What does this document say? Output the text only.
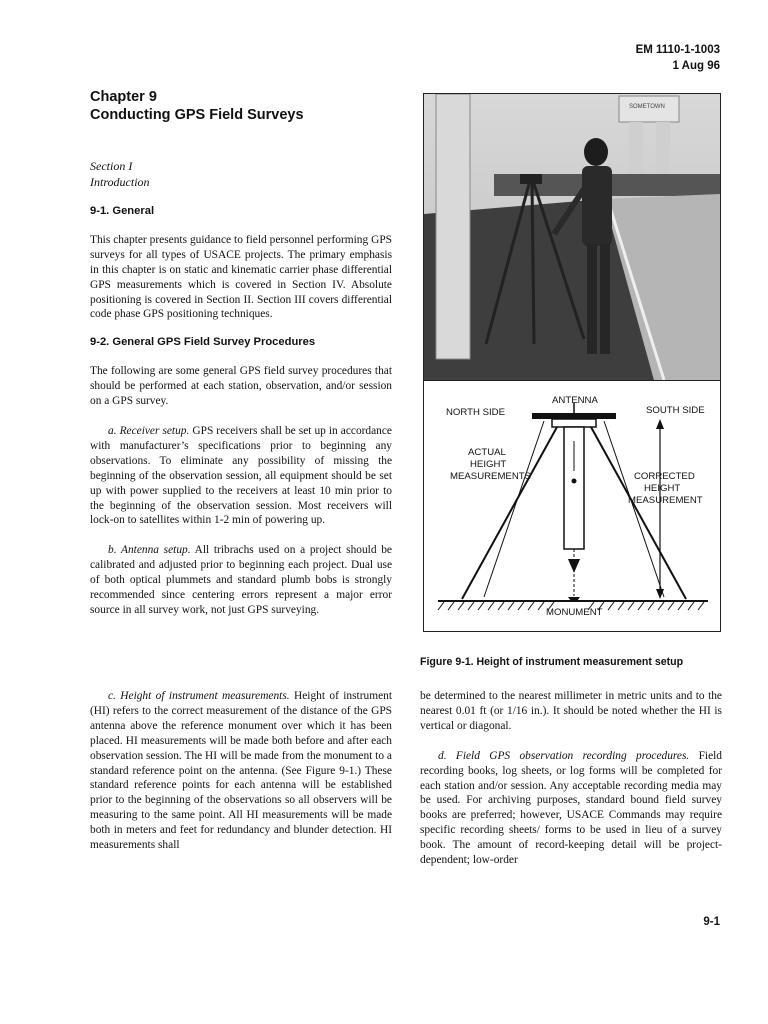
EM 1110-1-1003
1 Aug 96
Chapter 9
Conducting GPS Field Surveys
Section I
Introduction

9-1. General

This chapter presents guidance to field personnel performing GPS surveys for all types of USACE projects. The primary emphasis in this chapter is on static and kinematic carrier phase differential GPS measurements which is covered in Section IV. Absolute positioning is covered in Section II. Section III covers differential code phase GPS positioning techniques.

9-2. General GPS Field Survey Procedures

The following are some general GPS field survey procedures that should be performed at each station, observation, and/or session on a GPS survey.

a. Receiver setup. GPS receivers shall be set up in accordance with manufacturer’s specifications prior to beginning any observations. To eliminate any possibility of missing the beginning of the observation session, all equipment should be set up with power supplied to the receivers at least 10 min prior to the beginning of the observation session. Most receivers will lock-on to satellites within 1-2 min of powering up.

b. Antenna setup. All tribrachs used on a project should be calibrated and adjusted prior to beginning each project. Dual use of both optical plummets and standard plumb bobs is strongly recommended since centering errors represent a major error source in all survey work, not just GPS surveying.

c. Height of instrument measurements. Height of instrument (HI) refers to the correct measurement of the distance of the GPS antenna above the reference monument over which it has been placed. HI measurements will be made both before and after each observation session. The HI will be made from the monument to a standard reference point on the antenna. (See Figure 9-1.) These standard reference points for each antenna will be established prior to the beginning of the observations so all observers will be measuring to the same point. All HI measurements will be made both in meters and feet for redundancy and blunder detection. HI measurements shall

SOMETOWN
ANTENNA
NORTH SIDE	SOUTH SIDE
ACTUAL
HEIGHT
MEASUREMENTS	CORRECTED
HEIGHT
MEASUREMENT
MONUMENT
Figure 9-1. Height of instrument measurement setup

be determined to the nearest millimeter in metric units and to the nearest 0.01 ft (or 1/16 in.). It should be noted whether the HI is vertical or diagonal.

d. Field GPS observation recording procedures. Field recording books, log sheets, or log forms will be completed for each station and/or session. Any acceptable recording media may be used. For archiving purposes, standard bound field survey books are preferred; however, USACE Commands may require specific recording sheets/ forms to be used in lieu of a survey book. The amount of record-keeping detail will be project-dependent; low-order

9-1
